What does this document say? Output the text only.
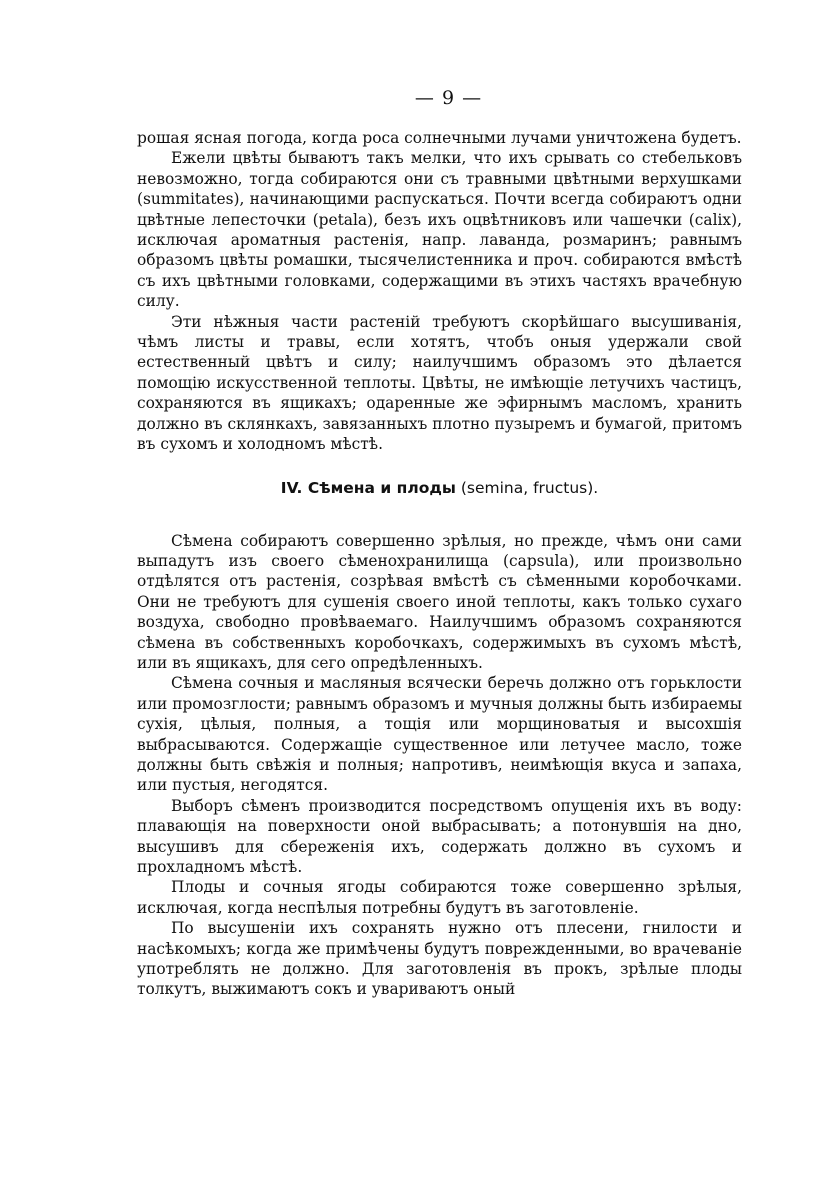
— 9 —

рошая ясная погода, когда роса солнечными лучами уничтожена будетъ.

Ежели цвѣты бываютъ такъ мелки, что ихъ срывать со стебельковъ невозможно, тогда собираются они съ травными цвѣтными верхушками (summitates), начинающими распускаться. Почти всегда собираютъ одни цвѣтные лепесточки (petala), безъ ихъ оцвѣтниковъ или чашечки (calix), исключая ароматныя растенія, напр. лаванда, розмаринъ; равнымъ образомъ цвѣты ромашки, тысячелистенника и проч. собираются вмѣстѣ съ ихъ цвѣтными головками, содержащими въ этихъ частяхъ врачебную силу.

Эти нѣжныя части растеній требуютъ скорѣйшаго высушиванія, чѣмъ листы и травы, если хотятъ, чтобъ оныя удержали свой естественный цвѣтъ и силу; наилучшимъ образомъ это дѣлается помощію искусственной теплоты. Цвѣты, не имѣющіе летучихъ частицъ, сохраняются въ ящикахъ; одаренные же эфирнымъ масломъ, хранить должно въ склянкахъ, завязанныхъ плотно пузыремъ и бумагой, притомъ въ сухомъ и холодномъ мѣстѣ.

IV. Сѣмена и плоды (semina, fructus).

Сѣмена собираютъ совершенно зрѣлыя, но прежде, чѣмъ они сами выпадутъ изъ своего сѣменохранилища (capsula), или произвольно отдѣлятся отъ растенія, созрѣвая вмѣстѣ съ сѣменными коробочками. Они не требуютъ для сушенія своего иной теплоты, какъ только сухаго воздуха, свободно провѣваемаго. Наилучшимъ образомъ сохраняются сѣмена въ собственныхъ коробочкахъ, содержимыхъ въ сухомъ мѣстѣ, или въ ящикахъ, для сего опредѣленныхъ.

Сѣмена сочныя и масляныя всячески беречь должно отъ горьклости или промозглости; равнымъ образомъ и мучныя должны быть избираемы сухія, цѣлыя, полныя, а тощія или морщиноватыя и высохшія выбрасываются. Содержащіе существенное или летучее масло, тоже должны быть свѣжія и полныя; напротивъ, неимѣющія вкуса и запаха, или пустыя, негодятся.

Выборъ сѣменъ производится посредствомъ опущенія ихъ въ воду: плавающія на поверхности оной выбрасывать; а потонувшія на дно, высушивъ для сбереженія ихъ, содержать должно въ сухомъ и прохладномъ мѣстѣ.

Плоды и сочныя ягоды собираются тоже совершенно зрѣлыя, исключая, когда неспѣлыя потребны будутъ въ заготовленіе.

По высушеніи ихъ сохранять нужно отъ плесени, гнилости и насѣкомыхъ; когда же примѣчены будутъ поврежденными, во врачеваніе употреблять не должно. Для заготовленія въ прокъ, зрѣлые плоды толкутъ, выжимаютъ сокъ и увариваютъ оный
